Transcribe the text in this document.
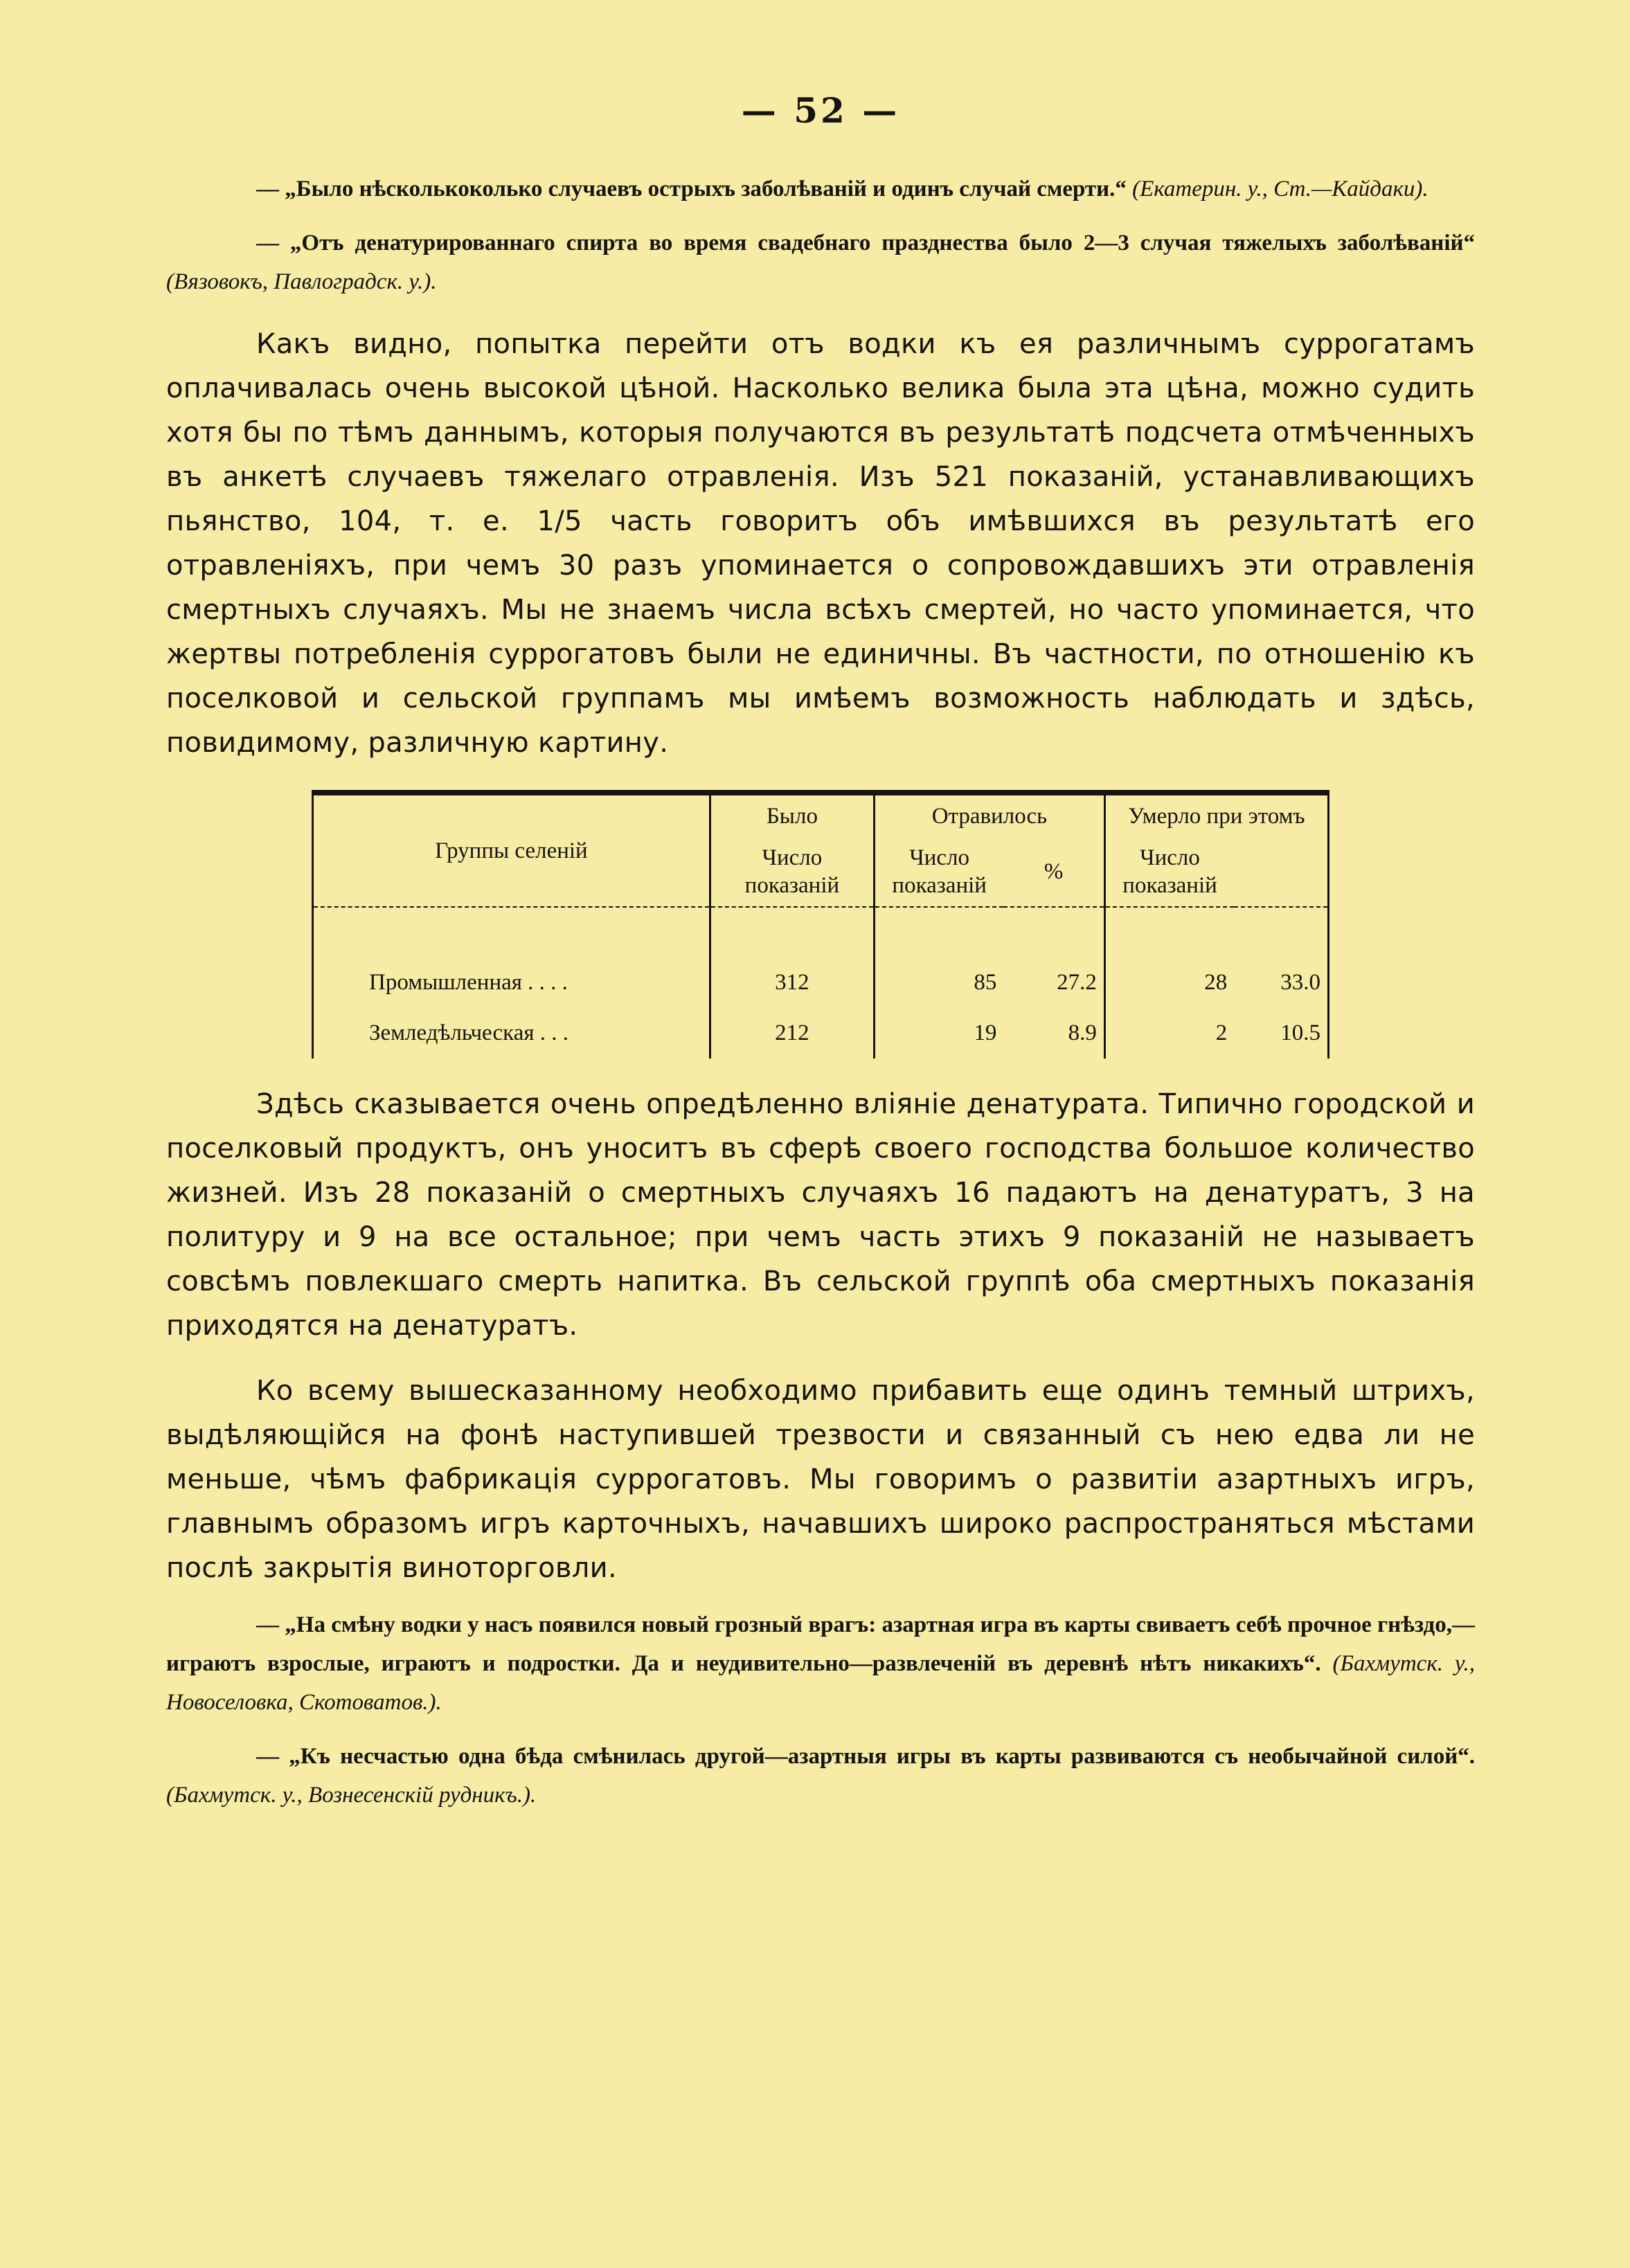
— 52 —

— „Было нѣсколькоколько случаевъ острыхъ заболѣваній и одинъ случай смерти.“ (Екатерин. у., Ст.—Кайдаки).

— „Отъ денатурированнаго спирта во время свадебнаго празднества было 2—3 случая тяжелыхъ заболѣваній“ (Вязовокъ, Павлоградск. у.).

Какъ видно, попытка перейти отъ водки къ ея различнымъ суррогатамъ оплачивалась очень высокой цѣной. Насколько велика была эта цѣна, можно судить хотя бы по тѣмъ даннымъ, которыя получаются въ результатѣ подсчета отмѣченныхъ въ анкетѣ случаевъ тяжелаго отравленія. Изъ 521 показаній, устанавливающихъ пьянство, 104, т. е. 1/5 часть говоритъ объ имѣвшихся въ результатѣ его отравленіяхъ, при чемъ 30 разъ упоминается о сопровождавшихъ эти отравленія смертныхъ случаяхъ. Мы не знаемъ числа всѣхъ смертей, но часто упоминается, что жертвы потребленія суррогатовъ были не единичны. Въ частности, по отношенію къ поселковой и сельской группамъ мы имѣемъ возможность наблюдать и здѣсь, повидимому, различную картину.

Группы селеній	Было	Отравилось		Умерло при этомъ	
	Число показаній	Число показаній	%	Число показаній	

Промышленная . . . .	312	85	27.2	28	33.0
Земледѣльческая . . .	212	19	8.9	2	10.5

Здѣсь сказывается очень опредѣленно вліяніе денатурата. Типично городской и поселковый продуктъ, онъ уноситъ въ сферѣ своего господства большое количество жизней. Изъ 28 показаній о смертныхъ случаяхъ 16 падаютъ на денатуратъ, 3 на политуру и 9 на все остальное; при чемъ часть этихъ 9 показаній не называетъ совсѣмъ повлекшаго смерть напитка. Въ сельской группѣ оба смертныхъ показанія приходятся на денатуратъ.

Ко всему вышесказанному необходимо прибавить еще одинъ темный штрихъ, выдѣляющійся на фонѣ наступившей трезвости и связанный съ нею едва ли не меньше, чѣмъ фабрикація суррогатовъ. Мы говоримъ о развитіи азартныхъ игръ, главнымъ образомъ игръ карточныхъ, начавшихъ широко распространяться мѣстами послѣ закрытія виноторговли.

— „На смѣну водки у насъ появился новый грозный врагъ: азартная игра въ карты свиваетъ себѣ прочное гнѣздо,—играютъ взрослые, играютъ и подростки. Да и неудивительно—развлеченій въ деревнѣ нѣтъ никакихъ“. (Бахмутск. у., Новоселовка, Скотоватов.).

— „Къ несчастью одна бѣда смѣнилась другой—азартныя игры въ карты развиваются съ необычайной силой“. (Бахмутск. у., Вознесенскій рудникъ.).
